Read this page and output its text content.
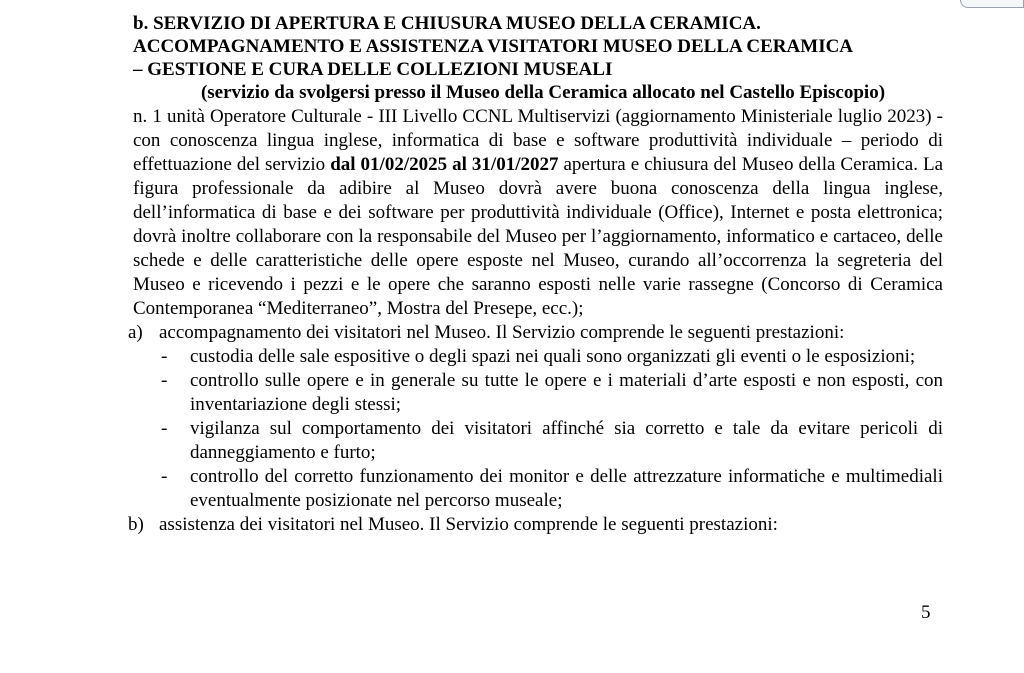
b. SERVIZIO DI APERTURA E CHIUSURA MUSEO DELLA CERAMICA.
ACCOMPAGNAMENTO E ASSISTENZA VISITATORI MUSEO DELLA CERAMICA
– GESTIONE E CURA DELLE COLLEZIONI MUSEALI

(servizio da svolgersi presso il Museo della Ceramica allocato nel Castello Episcopio)

n. 1 unità Operatore Culturale - III Livello CCNL Multiservizi (aggiornamento Ministeriale luglio 2023) - con conoscenza lingua inglese, informatica di base e software produttività individuale – periodo di effettuazione del servizio dal 01/02/2025 al 31/01/2027 apertura e chiusura del Museo della Ceramica. La figura professionale da adibire al Museo dovrà avere buona conoscenza della lingua inglese, dell’informatica di base e dei software per produttività individuale (Office), Internet e posta elettronica; dovrà inoltre collaborare con la responsabile del Museo per l’aggiornamento, informatico e cartaceo, delle schede e delle caratteristiche delle opere esposte nel Museo, curando all’occorrenza la segreteria del Museo e ricevendo i pezzi e le opere che saranno esposti nelle varie rassegne (Concorso di Ceramica Contemporanea “Mediterraneo”, Mostra del Presepe, ecc.);

a) accompagnamento dei visitatori nel Museo. Il Servizio comprende le seguenti prestazioni:
- custodia delle sale espositive o degli spazi nei quali sono organizzati gli eventi o le esposizioni;
- controllo sulle opere e in generale su tutte le opere e i materiali d’arte esposti e non esposti, con inventariazione degli stessi;
- vigilanza sul comportamento dei visitatori affinché sia corretto e tale da evitare pericoli di danneggiamento e furto;
- controllo del corretto funzionamento dei monitor e delle attrezzature informatiche e multimediali eventualmente posizionate nel percorso museale;
b) assistenza dei visitatori nel Museo. Il Servizio comprende le seguenti prestazioni:
5
